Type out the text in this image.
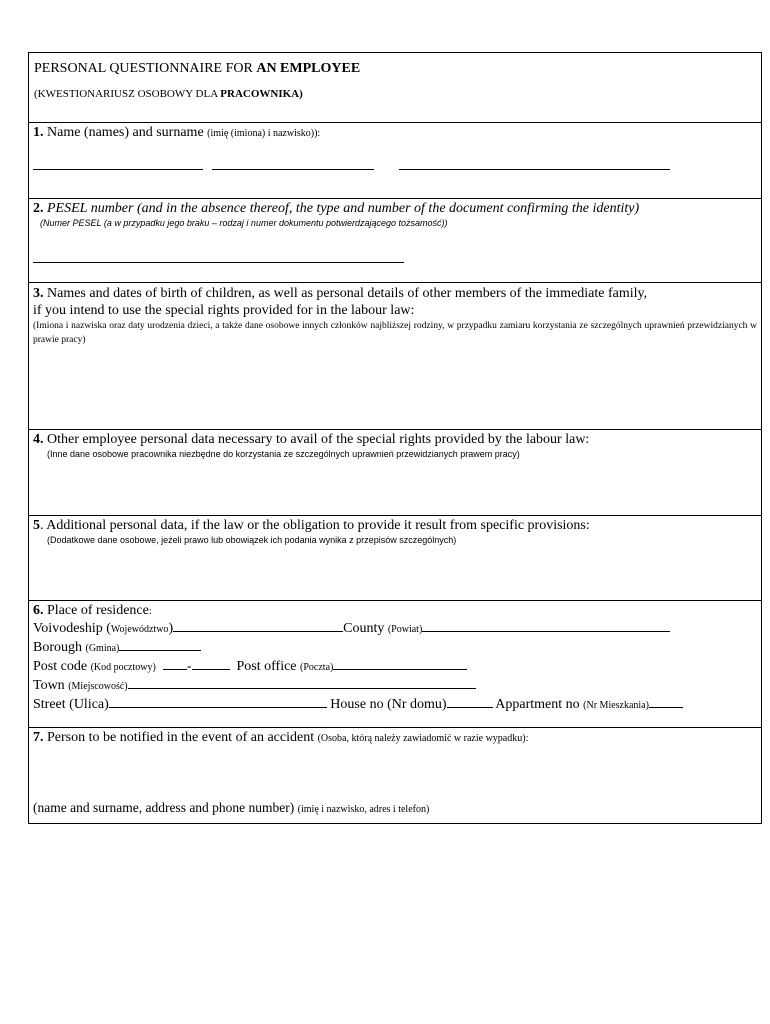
PERSONAL QUESTIONNAIRE FOR AN EMPLOYEE
(KWESTIONARIUSZ OSOBOWY DLA PRACOWNIKA)
1. Name (names) and surname (imię (imiona) i nazwisko)):
2. PESEL number (and in the absence thereof, the type and number of the document confirming the identity)
(Numer PESEL (a w przypadku jego braku – rodzaj i numer dokumentu potwierdzającego tożsamość))
3. Names and dates of birth of children, as well as personal details of other members of the immediate family,
if you intend to use the special rights provided for in the labour law:
(Imiona i nazwiska oraz daty urodzenia dzieci, a także dane osobowe innych członków najbliższej rodziny, w przypadku zamiaru korzystania ze szczególnych uprawnień przewidzianych w prawie pracy)
4. Other employee personal data necessary to avail of the special rights provided by the labour law:
(Inne dane osobowe pracownika niezbędne do korzystania ze szczególnych uprawnień przewidzianych prawem pracy)
5. Additional personal data, if the law or the obligation to provide it result from specific provisions:
(Dodatkowe dane osobowe, jeżeli prawo lub obowiązek ich podania wynika z przepisów szczególnych)
6. Place of residence:
Voivodeship (Województwo)	County (Powiat)
Borough (Gmina)
Post code (Kod pocztowy) -	Post office (Poczta)
Town (Miejscowość)
Street (Ulica)	House no (Nr domu)	Appartment no (Nr Mieszkania)
7. Person to be notified in the event of an accident (Osoba, którą należy zawiadomić w razie wypadku):
(name and surname, address and phone number) (imię i nazwisko, adres i telefon)
